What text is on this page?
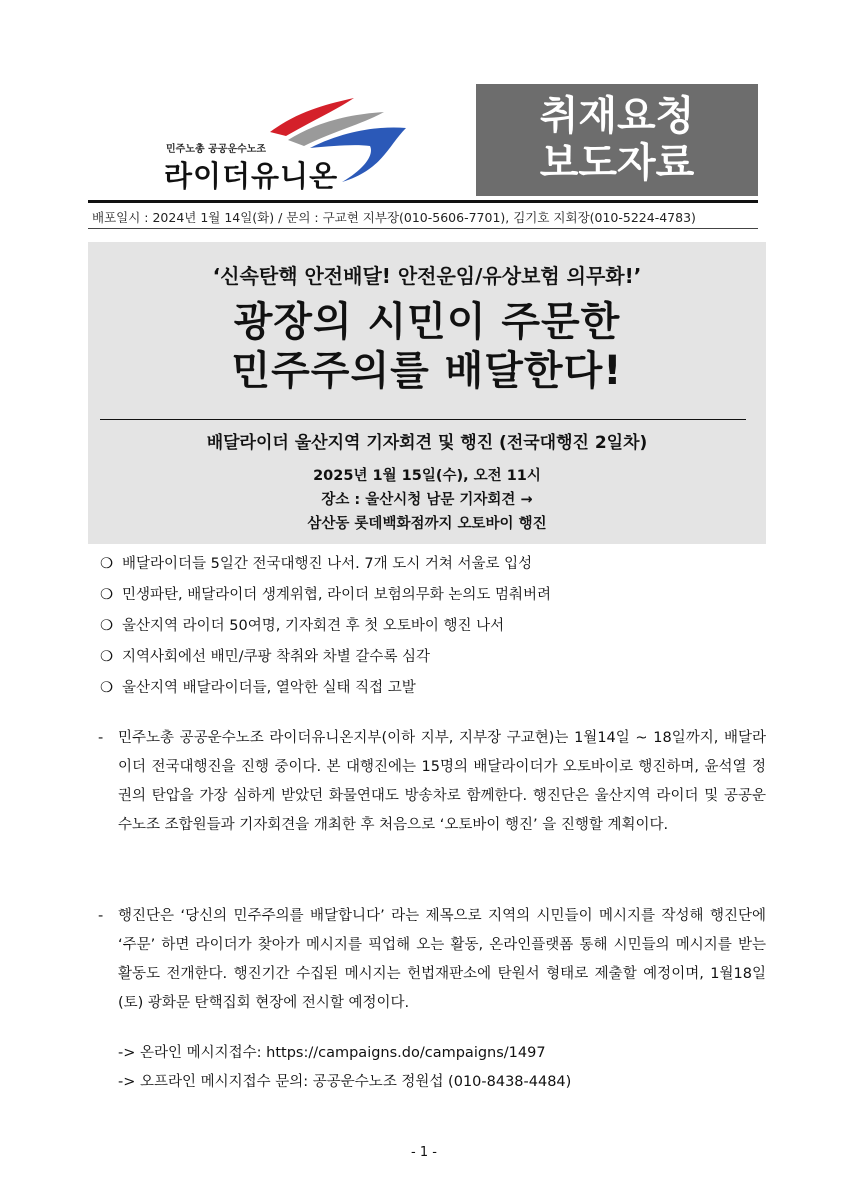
민주노총 공공운수노조
라이더유니온
취재요청
보도자료
배포일시 : 2024년 1월 14일(화) / 문의 : 구교현 지부장(010-5606-7701), 김기호 지회장(010-5224-4783)
‘신속탄핵 안전배달! 안전운임/유상보험 의무화!’
광장의 시민이 주문한
민주주의를 배달한다!
배달라이더 울산지역 기자회견 및 행진 (전국대행진 2일차)
2025년 1월 15일(수), 오전 11시
장소 : 울산시청 남문 기자회견 →
삼산동 롯데백화점까지 오토바이 행진
❍ 배달라이더들 5일간 전국대행진 나서. 7개 도시 거쳐 서울로 입성
❍ 민생파탄, 배달라이더 생계위협, 라이더 보험의무화 논의도 멈춰버려
❍ 울산지역 라이더 50여명, 기자회견 후 첫 오토바이 행진 나서
❍ 지역사회에선 배민/쿠팡 착취와 차별 갈수록 심각
❍ 울산지역 배달라이더들, 열악한 실태 직접 고발
- 민주노총 공공운수노조 라이더유니온지부(이하 지부, 지부장 구교현)는 1월14일 ~ 18일까지, 배달라이더 전국대행진을 진행 중이다. 본 대행진에는 15명의 배달라이더가 오토바이로 행진하며, 윤석열 정권의 탄압을 가장 심하게 받았던 화물연대도 방송차로 함께한다. 행진단은 울산지역 라이더 및 공공운수노조 조합원들과 기자회견을 개최한 후 처음으로 ‘오토바이 행진’ 을 진행할 계획이다.
- 행진단은 ‘당신의 민주주의를 배달합니다’ 라는 제목으로 지역의 시민들이 메시지를 작성해 행진단에 ‘주문’ 하면 라이더가 찾아가 메시지를 픽업해 오는 활동, 온라인플랫폼 통해 시민들의 메시지를 받는 활동도 전개한다. 행진기간 수집된 메시지는 헌법재판소에 탄원서 형태로 제출할 예정이며, 1월18일(토) 광화문 탄핵집회 현장에 전시할 예정이다.
-> 온라인 메시지접수: https://campaigns.do/campaigns/1497
-> 오프라인 메시지접수 문의: 공공운수노조 정원섭 (010-8438-4484)
- 1 -
